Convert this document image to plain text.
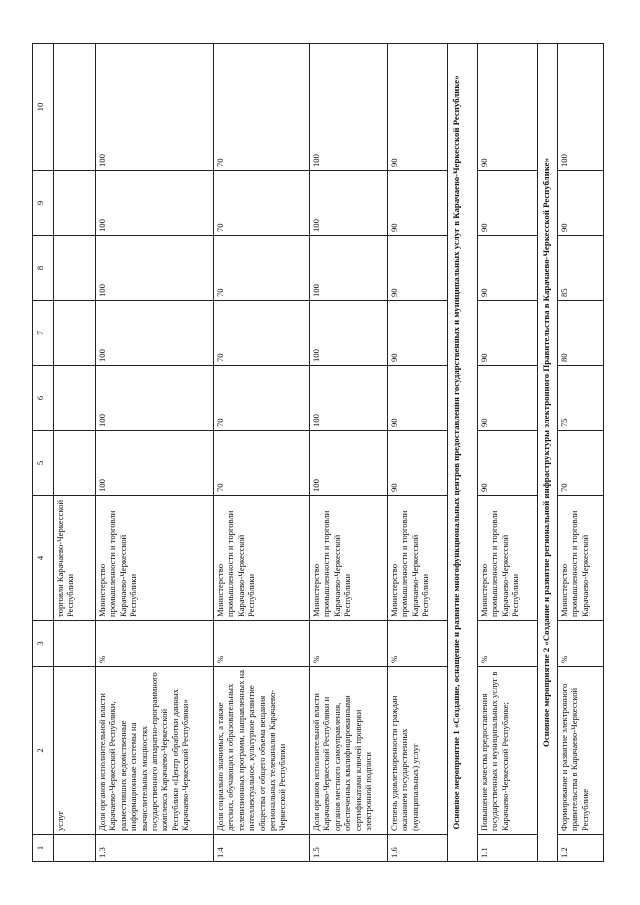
1	2	3	4	5	6	7	8	9	10
	услуг		торговли Карачаево-Черкесской Республики						
1.3	Доля органов исполнительной власти Карачаево-Черкесской Республики, разместивших ведомственные информационные системы на вычислительных мощностях государственного аппаратно-программного комплекса Карачаево-Черкесской Республики «Центр обработки данных Карачаево-Черкесской Республики»	%	Министерство промышленности и торговли Карачаево-Черкесской Республики	100	100	100	100	100	100
1.4	Доля социально значимых, а также детских, обучающих и образовательных телевизионных программ, направленных на интеллектуальное, культурное развитие общества от общего объема вещания региональных телеканалов Карачаево-Черкесской Республики	%	Министерство промышленности и торговли Карачаево-Черкесской Республики	70	70	70	70	70	70
1.5	Доля органов исполнительной власти Карачаево-Черкесской Республики и органов местного самоуправления, обеспеченных квалифицированными сертификатами ключей проверки электронной подписи	%	Министерство промышленности и торговли Карачаево-Черкесской Республики	100	100	100	100	100	100
1.6	Степень удовлетворенности граждан оказанием государственных (муниципальных) услуг	%	Министерство промышленности и торговли Карачаево-Черкесской Республики	90	90	90	90	90	90
Основное мероприятие 1 «Создание, оснащение и развитие многофункциональных центров предоставления государственных и муниципальных услуг в Карачаево-Черкесской Республике»									
1.1	Повышение качества предоставления государственных и муниципальных услуг в Карачаево-Черкесской Республике;	%	Министерство промышленности и торговли Карачаево-Черкесской Республики	90	90	90	90	90	90
Основное мероприятие 2 «Создание и развитие региональной инфраструктуры электронного Правительства в Карачаево-Черкесской Республике»									
1.2	Формирование и развитие электронного правительства в Карачаево-Черкесской Республике	%	Министерство промышленности и торговли Карачаево-Черкесской	70	75	80	85	90	100
